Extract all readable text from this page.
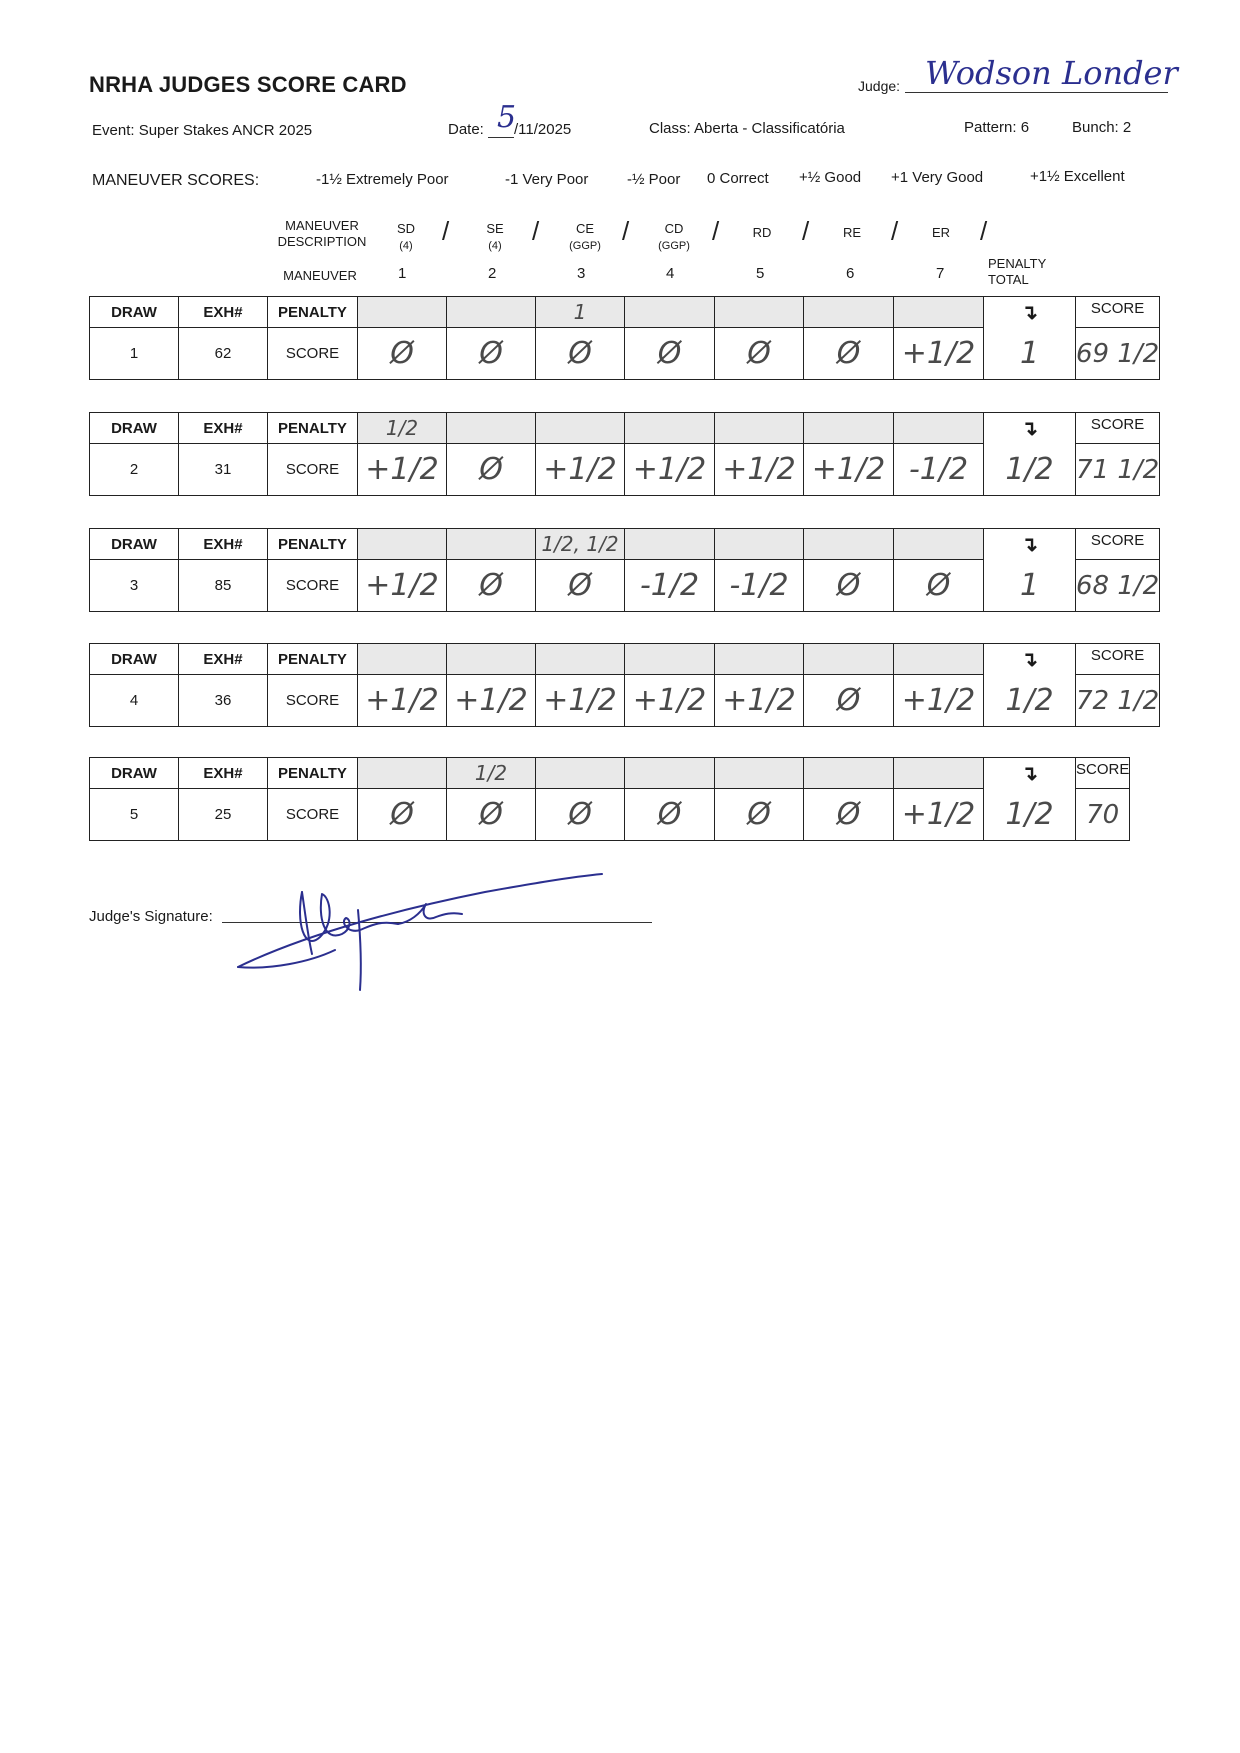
NRHA JUDGES SCORE CARD	Judge: Wodson Londer
Event: Super Stakes ANCR 2025	Date: 5
/11/2025	Class: Aberta - Classificatória	Pattern: 6	Bunch: 2
MANEUVER SCORES:	-1½ Extremely Poor	-1 Very Poor	-½ Poor 0 Correct +½ Good +1 Very Good	+1½ Excellent
MANEUVER
DESCRIPTION
MANEUVER
SD
(4)	/	SE
(4)	/	CE
(GGP) /	CD
(GGP) /	RD	/	RE	/	ER	/
1	2	3	4	5	6	7
PENALTY
TOTAL
DRAW	EXH#	PENALTY			1					↴	SCORE
1	62	SCORE	Ø	Ø	Ø	Ø	Ø	Ø	+1/2	1	69 1/2
DRAW	EXH#	PENALTY	1/2							↴	SCORE
2	31	SCORE	+1/2	Ø	+1/2	+1/2	+1/2	+1/2	-1/2	1/2	71 1/2
DRAW	EXH#	PENALTY			1/2, 1/2					↴	SCORE
3	85	SCORE	+1/2	Ø	Ø	-1/2	-1/2	Ø	Ø	1	68 1/2
DRAW	EXH#	PENALTY								↴	SCORE
4	36	SCORE	+1/2	+1/2	+1/2	+1/2	+1/2	Ø	+1/2	1/2	72 1/2
DRAW	EXH#	PENALTY		1/2						↴	SCORE
5	25	SCORE	Ø	Ø	Ø	Ø	Ø	Ø	+1/2	1/2	70
Judge's Signature:
